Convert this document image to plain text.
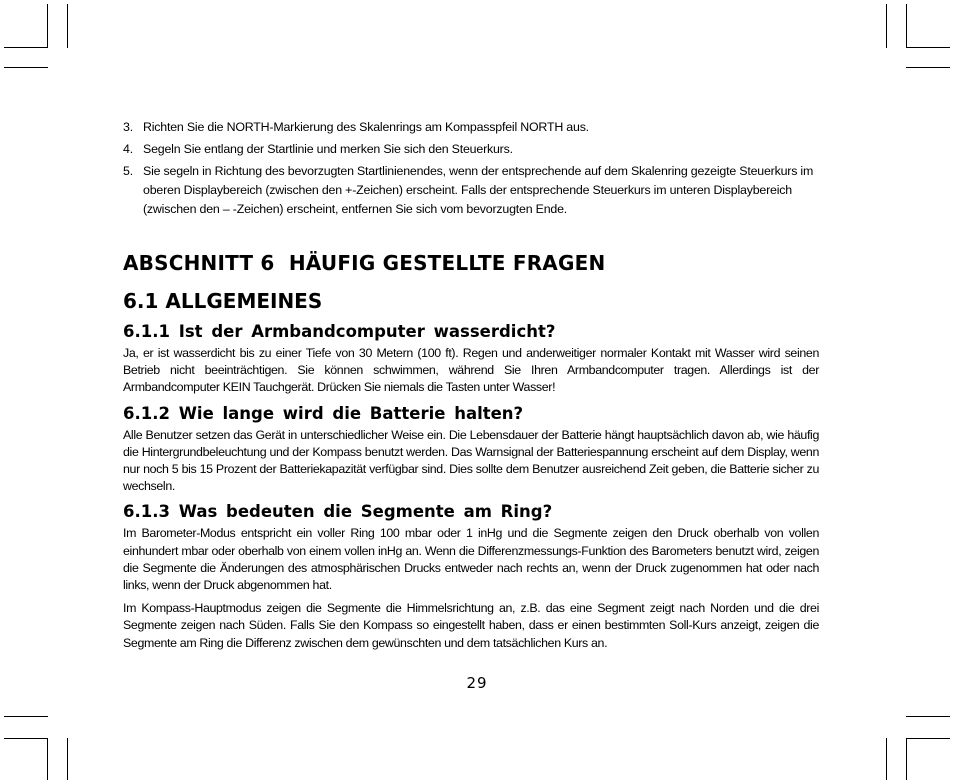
3. Richten Sie die NORTH-Markierung des Skalenrings am Kompasspfeil NORTH aus.
4. Segeln Sie entlang der Startlinie und merken Sie sich den Steuerkurs.
5. Sie segeln in Richtung des bevorzugten Startlinienendes, wenn der entsprechende auf dem Skalenring gezeigte Steuerkurs im oberen Displaybereich (zwischen den +-Zeichen) erscheint. Falls der entsprechende Steuerkurs im unteren Displaybereich (zwischen den – -Zeichen) erscheint, entfernen Sie sich vom bevorzugten Ende.
ABSCHNITT 6  HÄUFIG GESTELLTE FRAGEN
6.1 ALLGEMEINES
6.1.1 Ist der Armbandcomputer wasserdicht?

Ja, er ist wasserdicht bis zu einer Tiefe von 30 Metern (100 ft). Regen und anderweitiger normaler Kontakt mit Wasser wird seinen Betrieb nicht beeinträchtigen. Sie können schwimmen, während Sie Ihren Armbandcomputer tragen. Allerdings ist der Armbandcomputer KEIN Tauchgerät. Drücken Sie niemals die Tasten unter Wasser!

6.1.2 Wie lange wird die Batterie halten?

Alle Benutzer setzen das Gerät in unterschiedlicher Weise ein. Die Lebensdauer der Batterie hängt hauptsächlich davon ab, wie häufig die Hintergrundbeleuchtung und der Kompass benutzt werden. Das Warnsignal der Batteriespannung erscheint auf dem Display, wenn nur noch 5 bis 15 Prozent der Batteriekapazität verfügbar sind. Dies sollte dem Benutzer ausreichend Zeit geben, die Batterie sicher zu wechseln.

6.1.3 Was bedeuten die Segmente am Ring?

Im Barometer-Modus entspricht ein voller Ring 100 mbar oder 1 inHg und die Segmente zeigen den Druck oberhalb von vollen einhundert mbar oder oberhalb von einem vollen inHg an. Wenn die Differenzmessungs-Funktion des Barometers benutzt wird, zeigen die Segmente die Änderungen des atmosphärischen Drucks entweder nach rechts an, wenn der Druck zugenommen hat oder nach links, wenn der Druck abgenommen hat.

Im Kompass-Hauptmodus zeigen die Segmente die Himmelsrichtung an, z.B. das eine Segment zeigt nach Norden und die drei Segmente zeigen nach Süden. Falls Sie den Kompass so eingestellt haben, dass er einen bestimmten Soll-Kurs anzeigt, zeigen die Segmente am Ring die Differenz zwischen dem gewünschten und dem tatsächlichen Kurs an.

29
